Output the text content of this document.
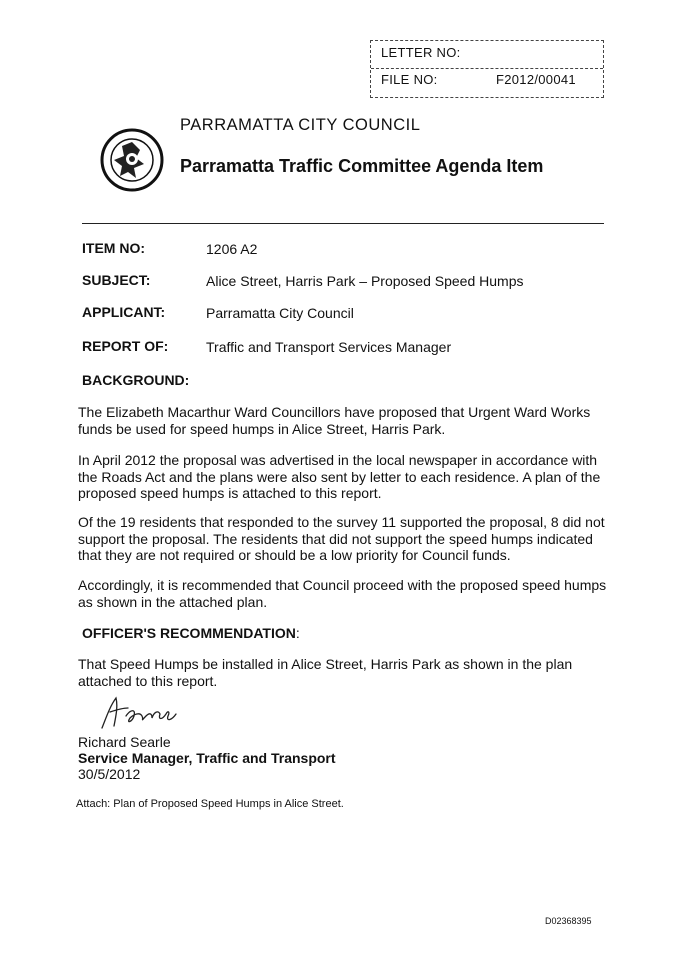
LETTER NO:
FILE NO:	F2012/00041
PARRAMATTA CITY COUNCIL
Parramatta Traffic Committee Agenda Item
ITEM NO:	1206 A2
SUBJECT:	Alice Street, Harris Park – Proposed Speed Humps
APPLICANT:	Parramatta City Council
REPORT OF:	Traffic and Transport Services Manager
BACKGROUND:
The Elizabeth Macarthur Ward Councillors have proposed that Urgent Ward Works funds be used for speed humps in Alice Street, Harris Park.
In April 2012 the proposal was advertised in the local newspaper in accordance with the Roads Act and the plans were also sent by letter to each residence. A plan of the proposed speed humps is attached to this report.
Of the 19 residents that responded to the survey 11 supported the proposal, 8 did not support the proposal. The residents that did not support the speed humps indicated that they are not required or should be a low priority for Council funds.
Accordingly, it is recommended that Council proceed with the proposed speed humps as shown in the attached plan.
OFFICER'S RECOMMENDATION:
That Speed Humps be installed in Alice Street, Harris Park as shown in the plan attached to this report.
Richard Searle
Service Manager, Traffic and Transport
30/5/2012
Attach: Plan of Proposed Speed Humps in Alice Street.
D02368395
